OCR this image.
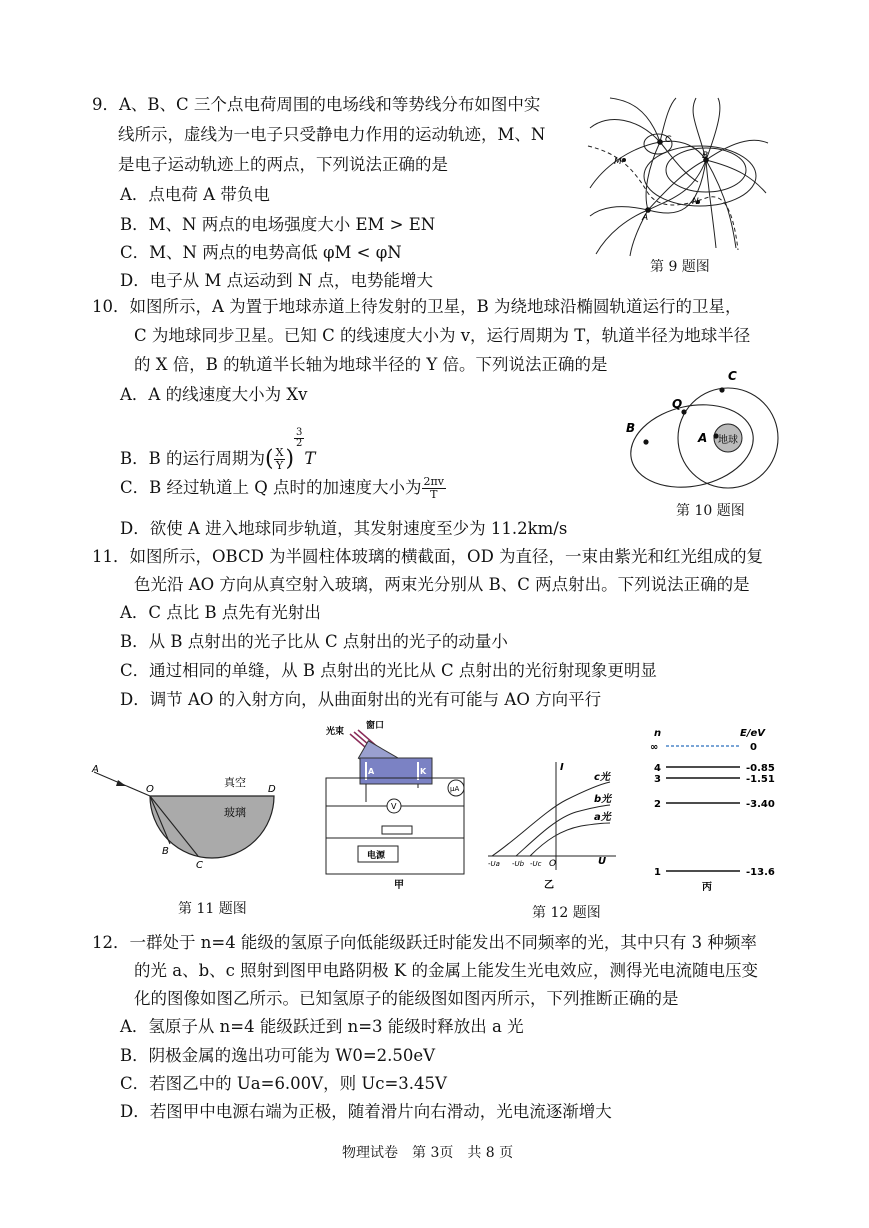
9．A、B、C 三个点电荷周围的电场线和等势线分布如图中实
线所示，虚线为一电子只受静电力作用的运动轨迹，M、N
是电子运动轨迹上的两点，下列说法正确的是
A．点电荷 A 带负电
B．M、N 两点的电场强度大小 EM > EN
C．M、N 两点的电势高低 φM < φN
D．电子从 M 点运动到 N 点，电势能增大
C
B
M
A
N
第 9 题图
10．如图所示，A 为置于地球赤道上待发射的卫星，B 为绕地球沿椭圆轨道运行的卫星，
C 为地球同步卫星。已知 C 的线速度大小为 v，运行周期为 T，轨道半径为地球半径
的 X 倍，B 的轨道半长轴为地球半径的 Y 倍。下列说法正确的是
A．A 的线速度大小为 Xv
B．B 的运行周期为( $\frac{X}{Y}$ )
$\frac{3}{2}$
T
C．B 经过轨道上 Q 点时的加速度大小为 $\frac{2\pi v}{T}$
D．欲使 A 进入地球同步轨道，其发射速度至少为 11.2km/s
C
Q
B
A 地球
第 10 题图
11．如图所示，OBCD 为半圆柱体玻璃的横截面，OD 为直径，一束由紫光和红光组成的复
色光沿 AO 方向从真空射入玻璃，两束光分别从 B、C 两点射出。下列说法正确的是
A．C 点比 B 点先有光射出
B．从 B 点射出的光子比从 C 点射出的光子的动量小
C．通过相同的单缝，从 B 点射出的光比从 C 点射出的光衍射现象更明显
D．调节 AO 的入射方向，从曲面射出的光有可能与 AO 方向平行
A
O	D
B
C
真空
玻璃
第 11 题图
光束
窗口
A	K
μA
V
电源
甲
I
U
c光
b光
a光
-Ua -Ub -Uc O
乙
n	E/eV
∞	0
4	-0.85
3	-1.51
2	-3.40
1	-13.6
丙
第 12 题图
12．一群处于 n=4 能级的氢原子向低能级跃迁时能发出不同频率的光，其中只有 3 种频率
的光 a、b、c 照射到图甲电路阴极 K 的金属上能发生光电效应，测得光电流随电压变
化的图像如图乙所示。已知氢原子的能级图如图丙所示，下列推断正确的是
A．氢原子从 n=4 能级跃迁到 n=3 能级时释放出 a 光
B．阴极金属的逸出功可能为 W0=2.50eV
C．若图乙中的 Ua=6.00V，则 Uc=3.45V
D．若图甲中电源右端为正极，随着滑片向右滑动，光电流逐渐增大
物理试卷　第 3页　共 8 页
